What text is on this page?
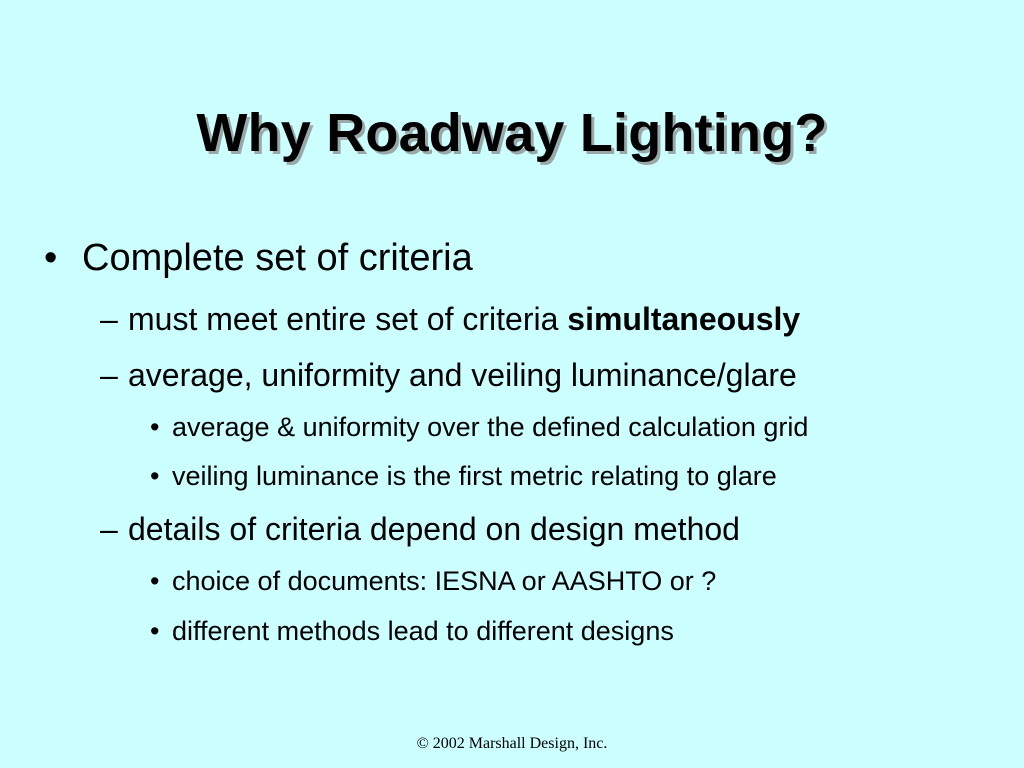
Why Roadway Lighting?
• Complete set of criteria
– must meet entire set of criteria simultaneously
– average, uniformity and veiling luminance/glare
• average & uniformity over the defined calculation grid
• veiling luminance is the first metric relating to glare
– details of criteria depend on design method
• choice of documents: IESNA or AASHTO or ?
• different methods lead to different designs
© 2002 Marshall Design, Inc.
